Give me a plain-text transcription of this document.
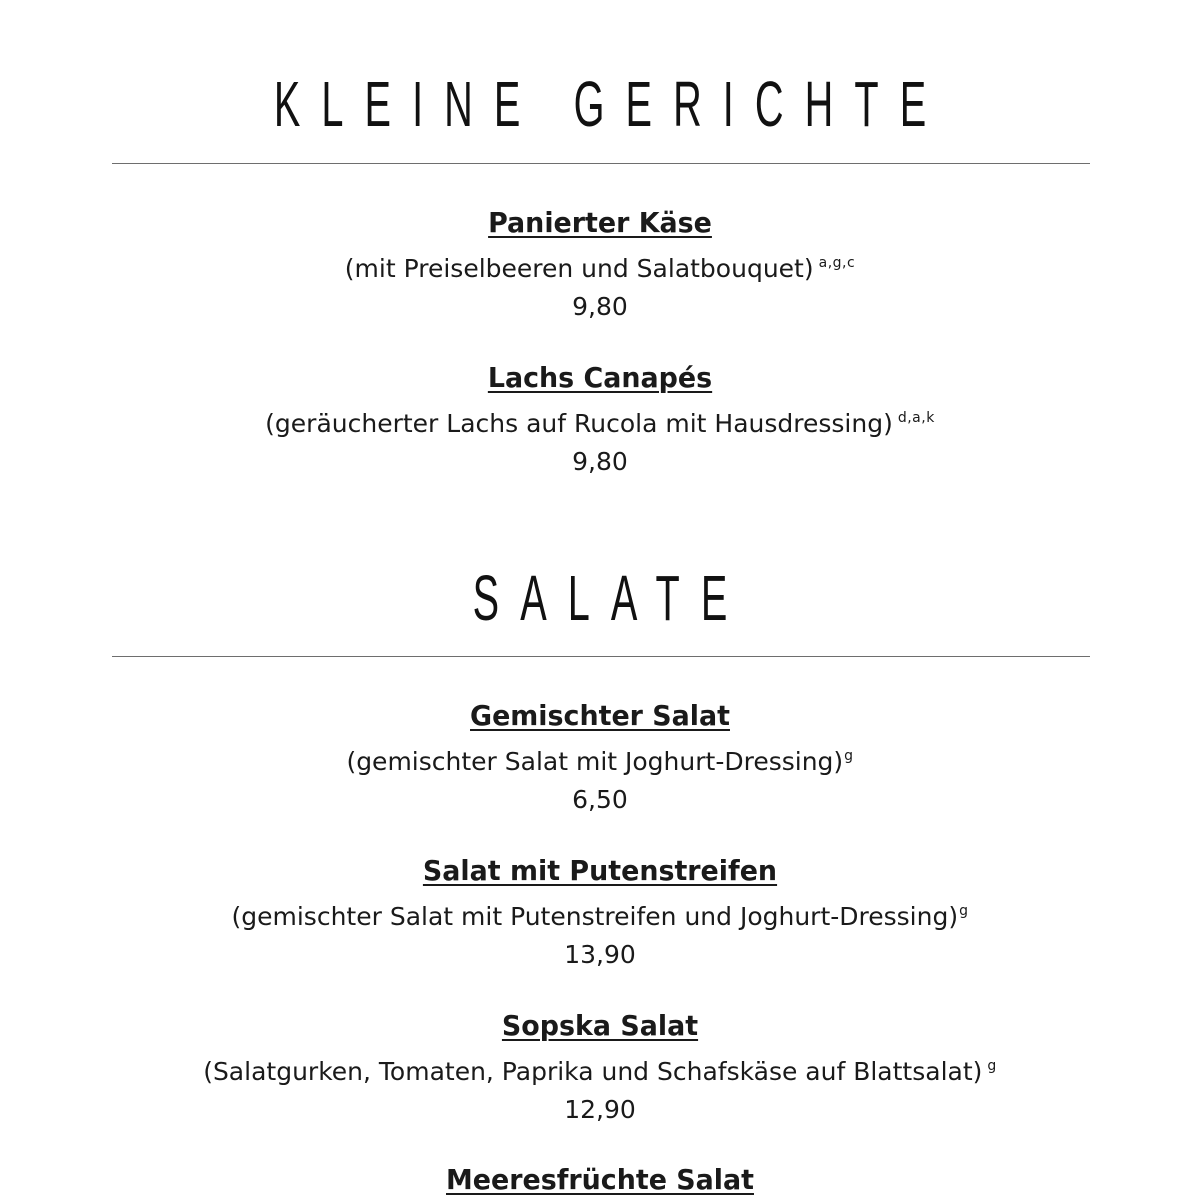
KLEINE GERICHTE
Panierter Käse
(mit Preiselbeeren und Salatbouquet) $^{a,g,c}$
9,80
Lachs Canapés
(geräucherter Lachs auf Rucola mit Hausdressing) $^{d,a,k}$
9,80
SALATE
Gemischter Salat
(gemischter Salat mit Joghurt-Dressing)$^g$
6,50
Salat mit Putenstreifen
(gemischter Salat mit Putenstreifen und Joghurt-Dressing)$^g$
13,90
Sopska Salat
(Salatgurken, Tomaten, Paprika und Schafskäse auf Blattsalat) $^g$
12,90
Meeresfrüchte Salat
